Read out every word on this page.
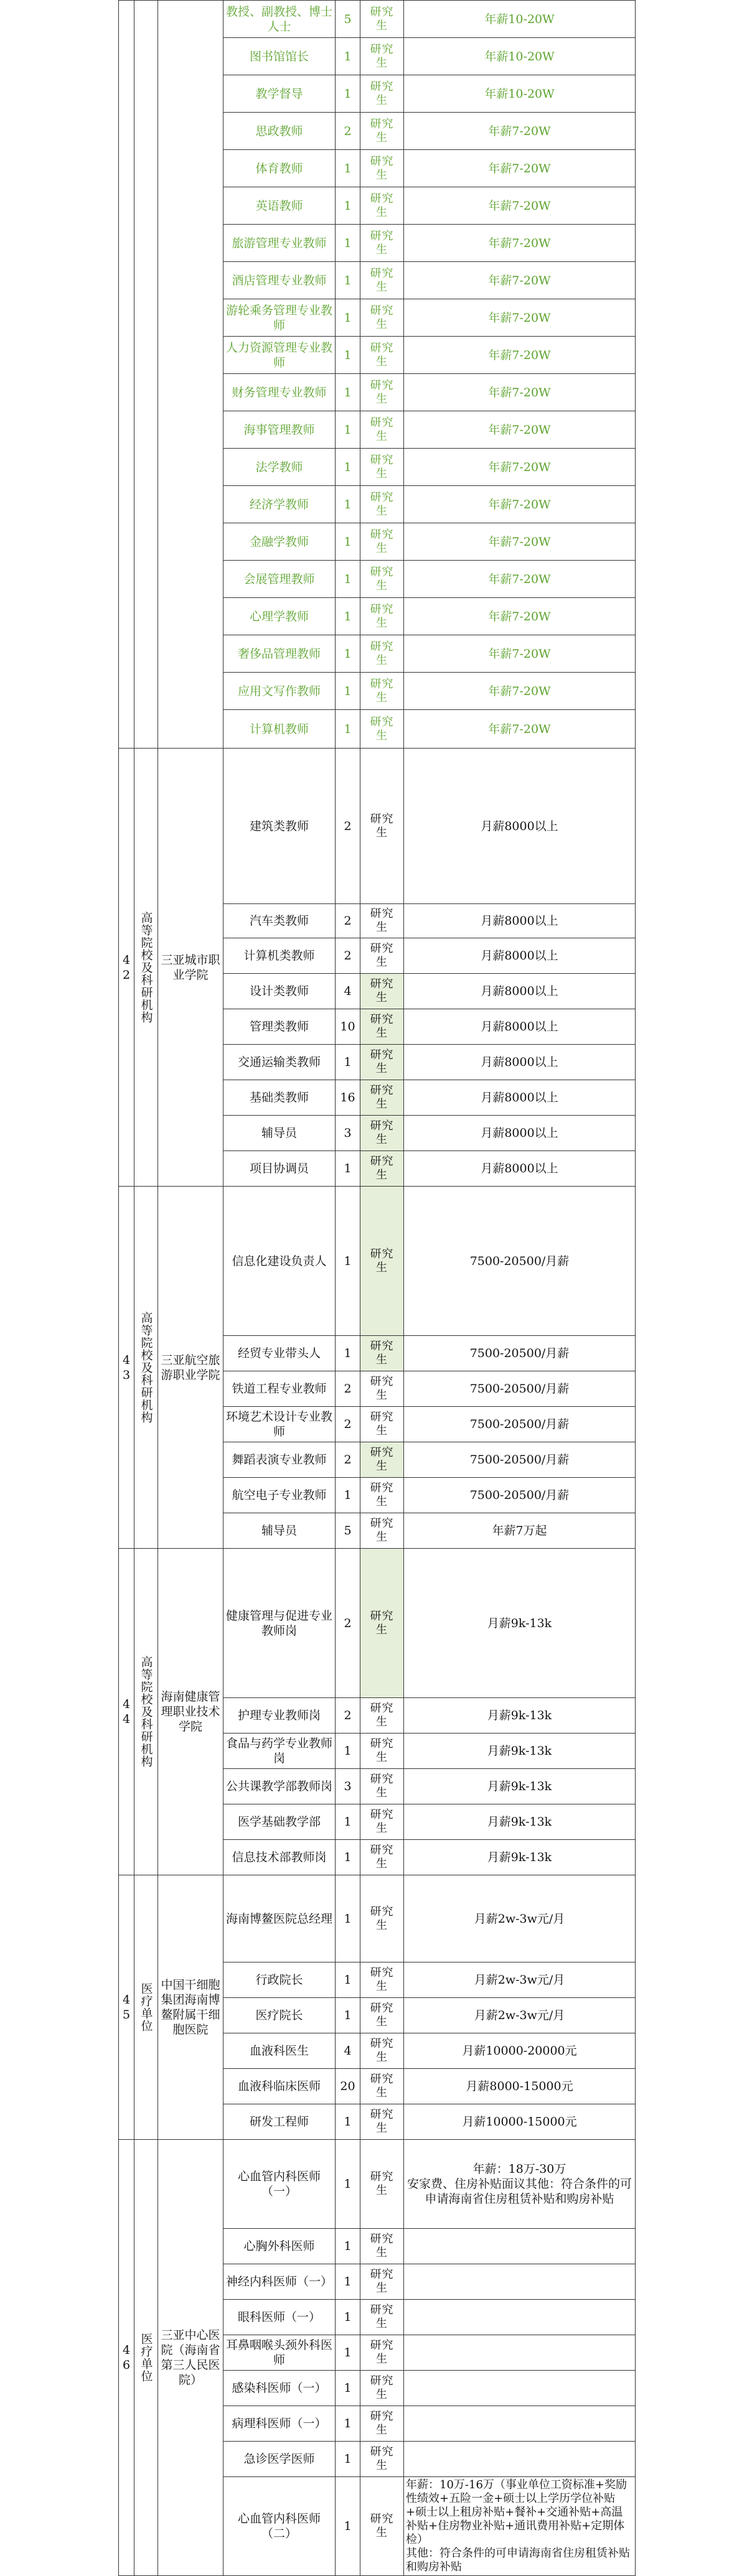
			教授、副教授、博士人士	5	研究生	年薪10-20W
			图书馆馆长	1	研究生	年薪10-20W
			教学督导	1	研究生	年薪10-20W
			思政教师	2	研究生	年薪7-20W
			体育教师	1	研究生	年薪7-20W
			英语教师	1	研究生	年薪7-20W
			旅游管理专业教师	1	研究生	年薪7-20W
			酒店管理专业教师	1	研究生	年薪7-20W
			游轮乘务管理专业教师	1	研究生	年薪7-20W
			人力资源管理专业教师	1	研究生	年薪7-20W
			财务管理专业教师	1	研究生	年薪7-20W
			海事管理教师	1	研究生	年薪7-20W
			法学教师	1	研究生	年薪7-20W
			经济学教师	1	研究生	年薪7-20W
			金融学教师	1	研究生	年薪7-20W
			会展管理教师	1	研究生	年薪7-20W
			心理学教师	1	研究生	年薪7-20W
			奢侈品管理教师	1	研究生	年薪7-20W
			应用文写作教师	1	研究生	年薪7-20W
			计算机教师	1	研究生	年薪7-20W
42	高等院校及科研机构	三亚城市职业学院	建筑类教师	2	研究生	月薪8000以上
			汽车类教师	2	研究生	月薪8000以上
			计算机类教师	2	研究生	月薪8000以上
			设计类教师	4	研究生	月薪8000以上
			管理类教师	10	研究生	月薪8000以上
			交通运输类教师	1	研究生	月薪8000以上
			基础类教师	16	研究生	月薪8000以上
			辅导员	3	研究生	月薪8000以上
			项目协调员	1	研究生	月薪8000以上
43	高等院校及科研机构	三亚航空旅游职业学院	信息化建设负责人	1	研究生	7500-20500/月薪
			经贸专业带头人	1	研究生	7500-20500/月薪
			铁道工程专业教师	2	研究生	7500-20500/月薪
			环境艺术设计专业教师	2	研究生	7500-20500/月薪
			舞蹈表演专业教师	2	研究生	7500-20500/月薪
			航空电子专业教师	1	研究生	7500-20500/月薪
			辅导员	5	研究生	年薪7万起
44	高等院校及科研机构	海南健康管理职业技术学院	健康管理与促进专业教师岗	2	研究生	月薪9k-13k
			护理专业教师岗	2	研究生	月薪9k-13k
			食品与药学专业教师岗	1	研究生	月薪9k-13k
			公共课教学部教师岗	3	研究生	月薪9k-13k
			医学基础教学部	1	研究生	月薪9k-13k
			信息技术部教师岗	1	研究生	月薪9k-13k
45	医疗单位	中国干细胞集团海南博鳌附属干细胞医院	海南博鳌医院总经理	1	研究生	月薪2w-3w元/月
			行政院长	1	研究生	月薪2w-3w元/月
			医疗院长	1	研究生	月薪2w-3w元/月
			血液科医生	4	研究生	月薪10000-20000元
			血液科临床医师	20	研究生	月薪8000-15000元
			研发工程师	1	研究生	月薪10000-15000元
46	医疗单位	三亚中心医院（海南省第三人民医院）	心血管内科医师（一）	1	研究生	年薪：18万-30万
安家费、住房补贴面议其他：符合条件的可申请海南省住房租赁补贴和购房补贴
			心胸外科医师	1	研究生	
			神经内科医师（一）	1	研究生	
			眼科医师（一）	1	研究生	
			耳鼻咽喉头颈外科医师	1	研究生	
			感染科医师（一）	1	研究生	
			病理科医师（一）	1	研究生	
			急诊医学医师	1	研究生	
			心血管内科医师（二）	1	研究生	年薪：10万-16万（事业单位工资标准+奖励性绩效+五险一金+硕士以上学历学位补贴+硕士以上租房补贴+餐补+交通补贴+高温补贴+住房物业补贴+通讯费用补贴+定期体检）
其他：符合条件的可申请海南省住房租赁补贴和购房补贴
